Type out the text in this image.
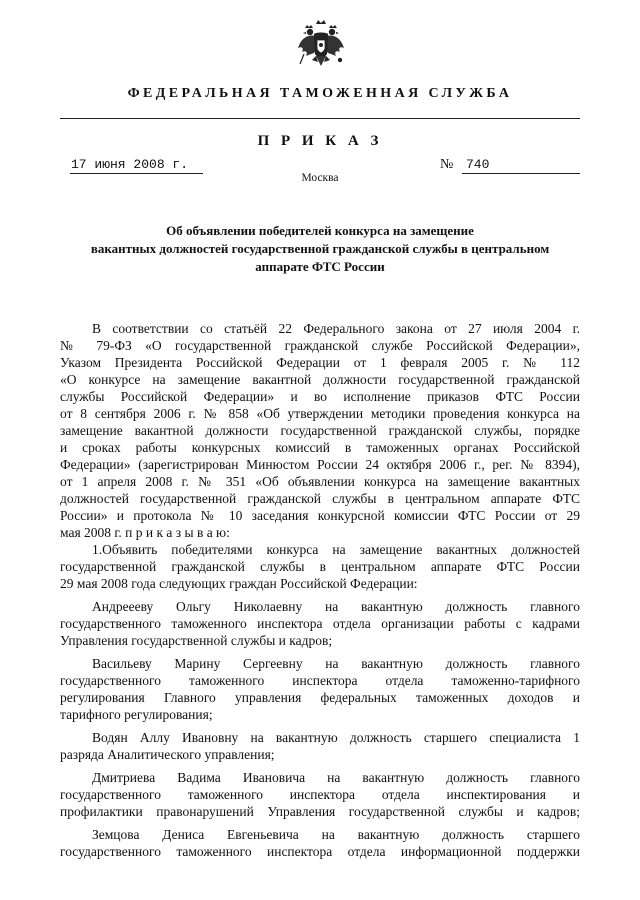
ФЕДЕРАЛЬНАЯ ТАМОЖЕННАЯ СЛУЖБА
П Р И К А З
17 июня 2008 г.	№ 740
Москва
Об объявлении победителей конкурса на замещение
вакантных должностей государственной гражданской службы в центральном
аппарате ФТС России
В соответствии со статьёй 22 Федерального закона от 27 июля 2004 г.
№ 79-ФЗ «О государственной гражданской службе Российской Федерации»,
Указом Президента Российской Федерации от 1 февраля 2005 г. № 112
«О конкурсе на замещение вакантной должности государственной гражданской
службы Российской Федерации» и во исполнение приказов ФТС России
от 8 сентября 2006 г. № 858 «Об утверждении методики проведения конкурса на
замещение вакантной должности государственной гражданской службы, порядке
и сроках работы конкурсных комиссий в таможенных органах Российской
Федерации» (зарегистрирован Минюстом России 24 октября 2006 г., рег. № 8394),
от 1 апреля 2008 г. № 351 «Об объявлении конкурса на замещение вакантных
должностей государственной гражданской службы в центральном аппарате ФТС
России» и протокола № 10 заседания конкурсной комиссии ФТС России от 29
мая 2008 г. п р и к а з ы в а ю:
1.Объявить победителями конкурса на замещение вакантных должностей
государственной гражданской службы в центральном аппарате ФТС России
29 мая 2008 года следующих граждан Российской Федерации:
Андреееву Ольгу Николаевну на вакантную должность главного
государственного таможенного инспектора отдела организации работы с кадрами
Управления государственной службы и кадров;
Васильеву Марину Сергеевну на вакантную должность главного
государственного таможенного инспектора отдела таможенно-тарифного
регулирования Главного управления федеральных таможенных доходов и
тарифного регулирования;
Водян Аллу Ивановну на вакантную должность старшего специалиста 1
разряда Аналитического управления;
Дмитриева Вадима Ивановича на вакантную должность главного
государственного таможенного инспектора отдела инспектирования и
профилактики правонарушений Управления государственной службы и кадров;
Земцова Дениса Евгеньевича на вакантную должность старшего
государственного таможенного инспектора отдела информационной поддержки
